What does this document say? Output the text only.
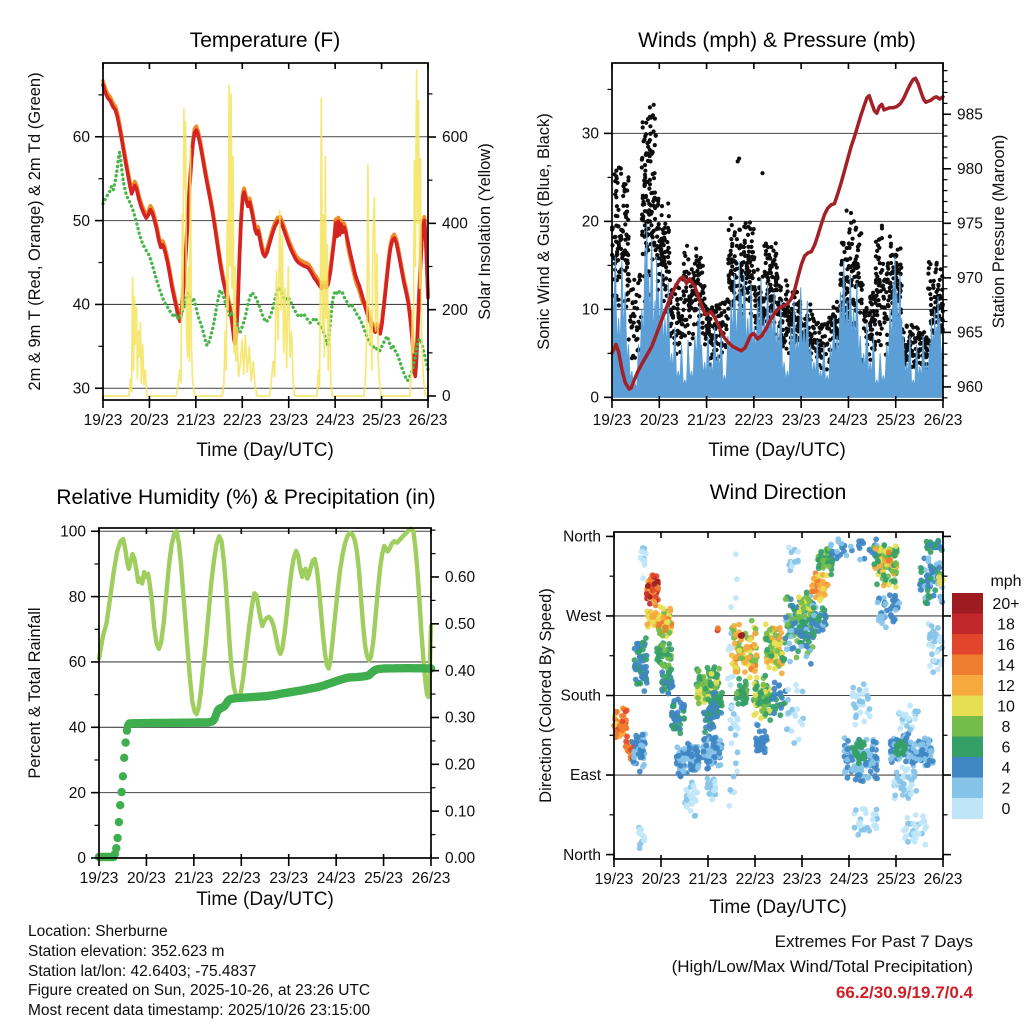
19/23 20/23 21/23 22/23 23/23 24/23 25/23 26/23
Time (Day/UTC)
30
40
50
60
2m & 9m T (Red, Orange) & 2m Td (Green)
0
200
400
600
Solar Insolation (Yellow)
Temperature (F)
19/23 20/23 21/23 22/23 23/23 24/23 25/23 26/23
Time (Day/UTC)
0
10
20
30
Sonic Wind & Gust (Blue, Black)
960
965
970
975
980
985
Station Pressure (Maroon)
Winds (mph) & Pressure (mb)
19/23 20/23 21/23 22/23 23/23 24/23 25/23 26/23
Time (Day/UTC)
0
20
40
60
80
100
Percent & Total Rainfall
0.00
0.10
0.20
0.30
0.40
0.50
0.60
Relative Humidity (%) & Precipitation (in)
19/23 20/23 21/23 22/23 23/23 24/23 25/23 26/23
Time (Day/UTC)
North
West
South
East
North
Direction (Colored By Speed)
Wind Direction
mph
20+
18
16
14
12
10
8
6
4
2
0
Location: Sherburne
Station elevation: 352.623 m
Station lat/lon: 42.6403; -75.4837
Figure created on Sun, 2025-10-26, at 23:26 UTC
Most recent data timestamp: 2025/10/26 23:15:00
Extremes For Past 7 Days
(High/Low/Max Wind/Total Precipitation)
66.2/30.9/19.7/0.4
